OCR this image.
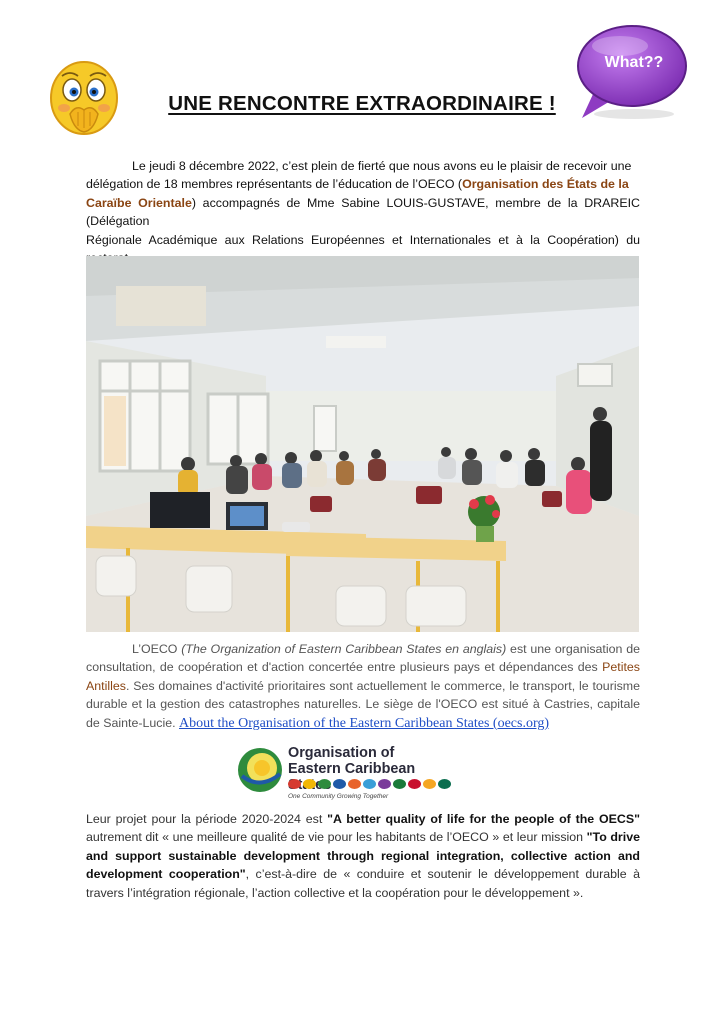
What??
UNE RENCONTRE EXTRAORDINAIRE !
Le jeudi 8 décembre 2022, c’est plein de fierté que nous avons eu le plaisir de recevoir une
délégation de 18 membres représentants de l’éducation de l’OECO (Organisation des États de la
Caraïbe Orientale) accompagnés de Mme Sabine LOUIS-GUSTAVE, membre de la DRAREIC (Délégation
Régionale Académique aux Relations Européennes et Internationales et à la Coopération) du
L’OECO (The Organization of Eastern Caribbean States en anglais) est une organisation de consultation, de coopération et d'action concertée entre plusieurs pays et dépendances des Petites Antilles. Ses domaines d'activité prioritaires sont actuellement le commerce, le transport, le tourisme durable et la gestion des catastrophes naturelles. Le siège de l'OECO est situé à Castries, capitale de Sainte-Lucie. About the Organisation of the Eastern Caribbean States (oecs.org)
Organisation of
Eastern Caribbean
One Community Growing Together
Leur projet pour la période 2020-2024 est "A better quality of life for the people of the OECS" autrement dit « une meilleure qualité de vie pour les habitants de l’OECO » et leur mission "To drive and support sustainable development through regional integration, collective action and development cooperation", c’est-à-dire de « conduire et soutenir le développement durable à travers l’intégration régionale, l’action collective et la coopération pour le développement ».
